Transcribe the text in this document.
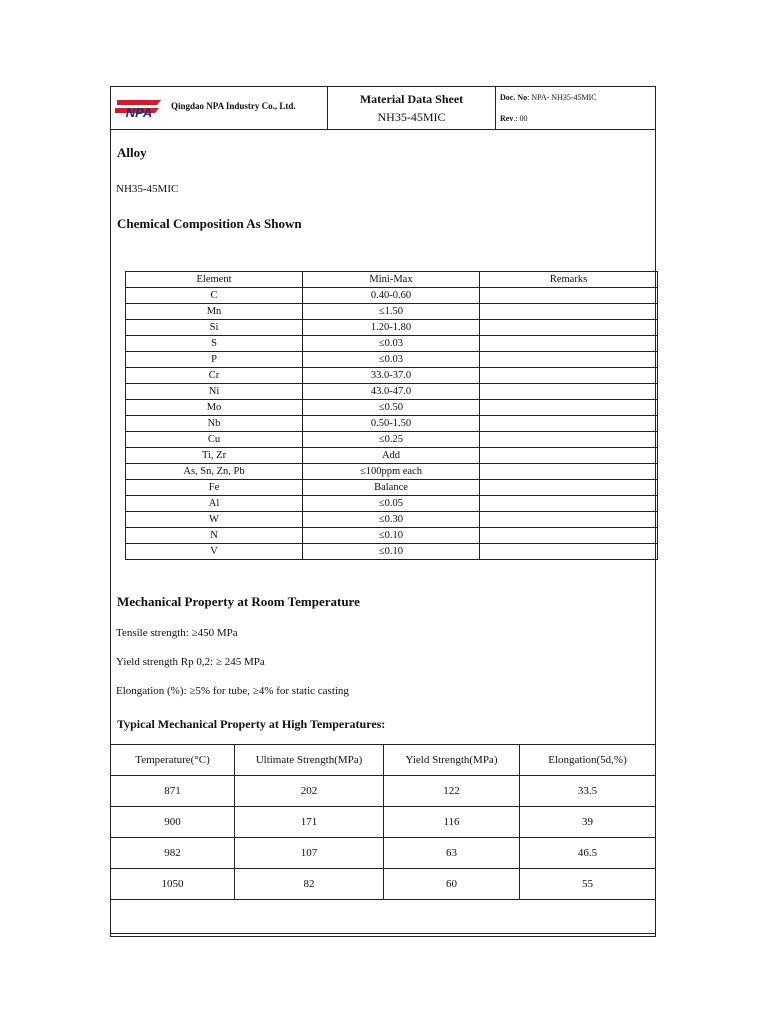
NPA Qingdao NPA Industry Co., Ltd.	Material Data Sheet
NH35-45MIC
Doc. No: NPA- NH35-45MIC
Rev.: 00
Alloy
NH35-45MIC
Chemical Composition As Shown
Element	Mini-Max	Remarks
C	0.40-0.60	
Mn	≤1.50	
Si	1.20-1.80	
S	≤0.03	
P	≤0.03	
Cr	33.0-37.0	
Ni	43.0-47.0	
Mo	≤0.50	
Nb	0.50-1.50	
Cu	≤0.25	
Ti, Zr	Add	
As, Sn, Zn, Pb	≤100ppm each	
Fe	Balance	
Al	≤0.05	
W	≤0.30	
N	≤0.10	
V	≤0.10	
Mechanical Property at Room Temperature
Tensile strength: ≥450 MPa
Yield strength Rp 0,2: ≥ 245 MPa
Elongation (%): ≥5% for tube, ≥4% for static casting
Typical Mechanical Property at High Temperatures:
Temperature(°C)	Ultimate Strength(MPa)	Yield Strength(MPa)	Elongation(5d,%)
871	202	122	33.5
900	171	116	39
982	107	63	46.5
1050	82	60	55
